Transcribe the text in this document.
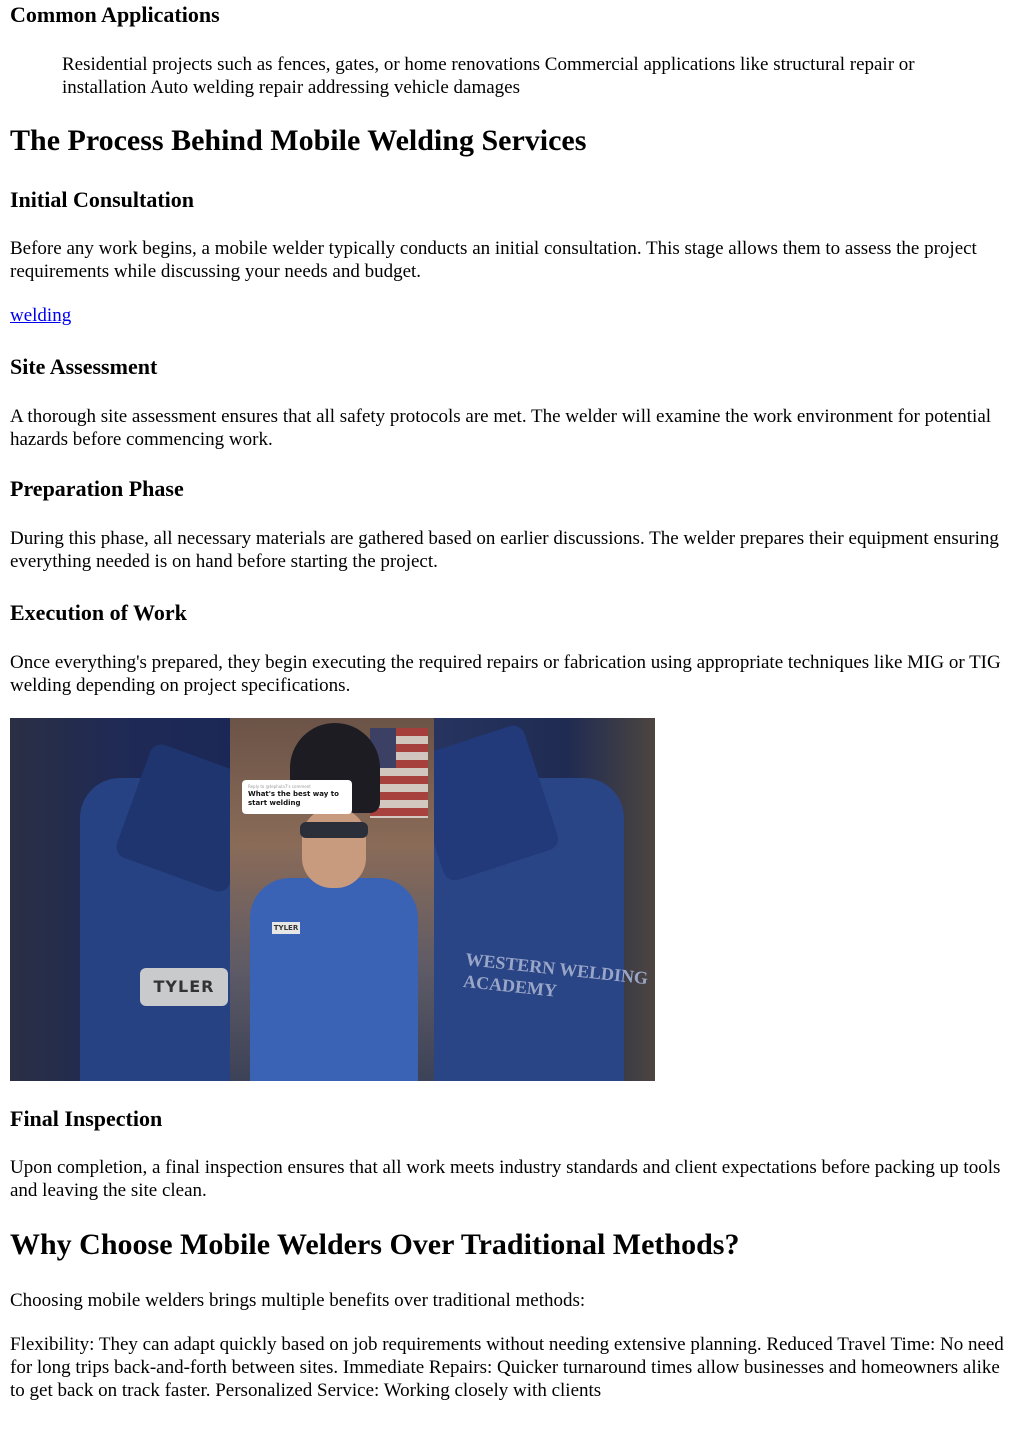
Common Applications

Residential projects such as fences, gates, or home renovations Commercial applications like structural repair or installation Auto welding repair addressing vehicle damages

The Process Behind Mobile Welding Services
Initial Consultation

Before any work begins, a mobile welder typically conducts an initial consultation. This stage allows them to assess the project requirements while discussing your needs and budget.

welding

Site Assessment

A thorough site assessment ensures that all safety protocols are met. The welder will examine the work environment for potential hazards before commencing work.

Preparation Phase

During this phase, all necessary materials are gathered based on earlier discussions. The welder prepares their equipment ensuring everything needed is on hand before starting the project.

Execution of Work

Once everything's prepared, they begin executing the required repairs or fabrication using appropriate techniques like MIG or TIG welding depending on project specifications.

TYLER
TYLER
Reply to @tephula7's comment
What's the best way to start welding
WESTERN WELDING ACADEMY
Final Inspection

Upon completion, a final inspection ensures that all work meets industry standards and client expectations before packing up tools and leaving the site clean.

Why Choose Mobile Welders Over Traditional Methods?

Choosing mobile welders brings multiple benefits over traditional methods:

Flexibility: They can adapt quickly based on job requirements without needing extensive planning. Reduced Travel Time: No need for long trips back-and-forth between sites. Immediate Repairs: Quicker turnaround times allow businesses and homeowners alike to get back on track faster. Personalized Service: Working closely with clients
